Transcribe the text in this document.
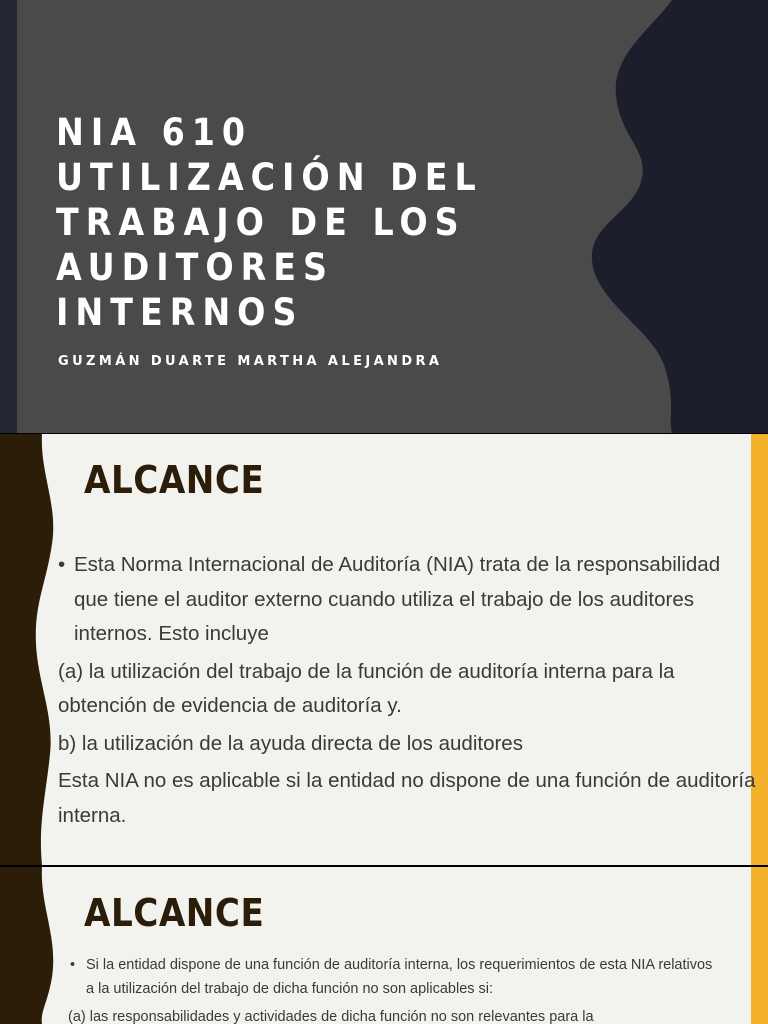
NIA 610
UTILIZACIÓN DEL
TRABAJO DE LOS
AUDITORES
INTERNOS
GUZMÁN DUARTE MARTHA ALEJANDRA
ALCANCE
• Esta Norma Internacional de Auditoría (NIA) trata de la responsabilidad que tiene el auditor externo cuando utiliza el trabajo de los auditores internos. Esto incluye
(a) la utilización del trabajo de la función de auditoría interna para la obtención de evidencia de auditoría y.
b) la utilización de la ayuda directa de los auditores
Esta NIA no es aplicable si la entidad no dispone de una función de auditoría interna.
ALCANCE
• Si la entidad dispone de una función de auditoría interna, los requerimientos de esta NIA relativos a la utilización del trabajo de dicha función no son aplicables si:
(a) las responsabilidades y actividades de dicha función no son relevantes para la
